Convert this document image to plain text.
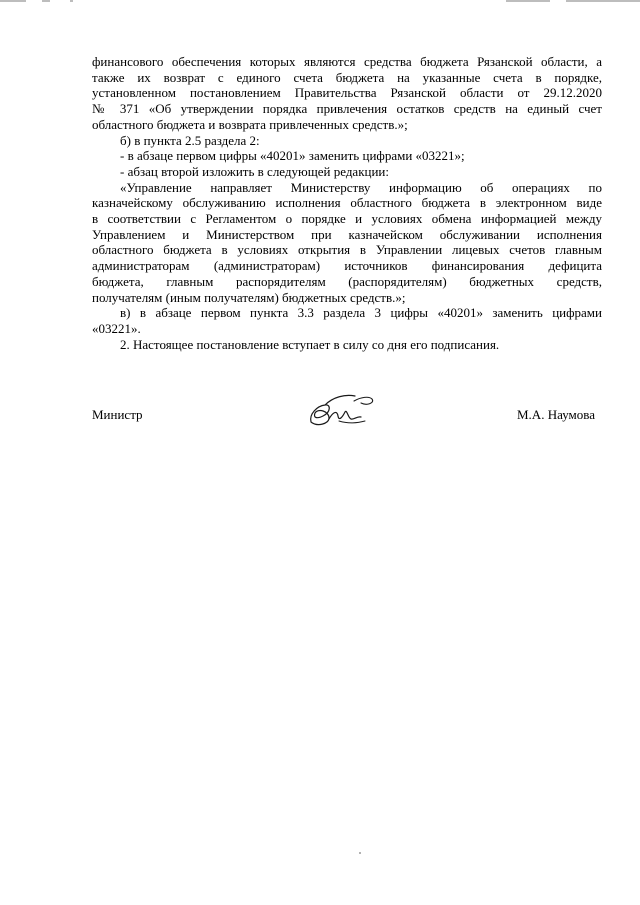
финансового обеспечения которых являются средства бюджета Рязанской области, а

также их возврат с единого счета бюджета на указанные счета в порядке,

установленном постановлением Правительства Рязанской области от 29.12.2020

№ 371 «Об утверждении порядка привлечения остатков средств на единый счет

областного бюджета и возврата привлеченных средств.»;

б) в пункта 2.5 раздела 2:

- в абзаце первом цифры «40201» заменить цифрами «03221»;

- абзац второй изложить в следующей редакции:

«Управление направляет Министерству информацию об операциях по

казначейскому обслуживанию исполнения областного бюджета в электронном виде

в соответствии с Регламентом о порядке и условиях обмена информацией между

Управлением и Министерством при казначейском обслуживании исполнения

областного бюджета в условиях открытия в Управлении лицевых счетов главным

администраторам (администраторам) источников финансирования дефицита

бюджета, главным распорядителям (распорядителям) бюджетных средств,

получателям (иным получателям) бюджетных средств.»;

в) в абзаце первом пункта 3.3 раздела 3 цифры «40201» заменить цифрами

«03221».

2. Настоящее постановление вступает в силу со дня его подписания.

Министр	М.А. Наумова
